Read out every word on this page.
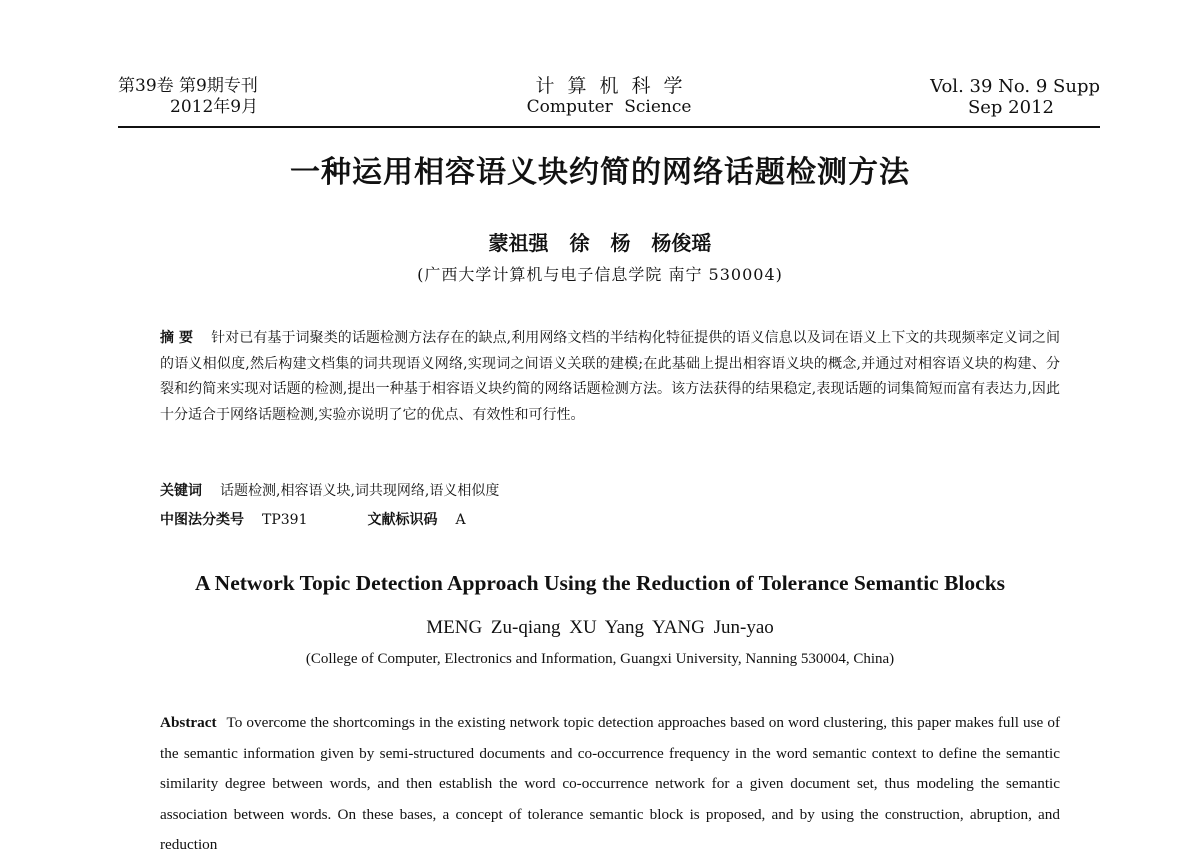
第39卷 第9期专刊
2012年9月
计算机科学
Computer Science
Vol. 39 No. 9 Supp
Sep 2012
一种运用相容语义块约简的网络话题检测方法
蒙祖强 徐 杨 杨俊瑶
(广西大学计算机与电子信息学院 南宁 530004)
摘 要 针对已有基于词聚类的话题检测方法存在的缺点,利用网络文档的半结构化特征提供的语义信息以及词在语义上下文的共现频率定义词之间的语义相似度,然后构建文档集的词共现语义网络,实现词之间语义关联的建模;在此基础上提出相容语义块的概念,并通过对相容语义块的构建、分裂和约简来实现对话题的检测,提出一种基于相容语义块约简的网络话题检测方法。该方法获得的结果稳定,表现话题的词集简短而富有表达力,因此十分适合于网络话题检测,实验亦说明了它的优点、有效性和可行性。
关键词 话题检测,相容语义块,词共现网络,语义相似度
中图法分类号 TP391	文献标识码 A
A Network Topic Detection Approach Using the Reduction of Tolerance Semantic Blocks
MENG Zu-qiang XU Yang YANG Jun-yao
(College of Computer, Electronics and Information, Guangxi University, Nanning 530004, China)
Abstract To overcome the shortcomings in the existing network topic detection approaches based on word clustering, this paper makes full use of the semantic information given by semi-structured documents and co-occurrence frequency in the word semantic context to define the semantic similarity degree between words, and then establish the word co-occurrence network for a given document set, thus modeling the semantic association between words. On these bases, a concept of tolerance semantic block is proposed, and by using the construction, abruption, and reduction
